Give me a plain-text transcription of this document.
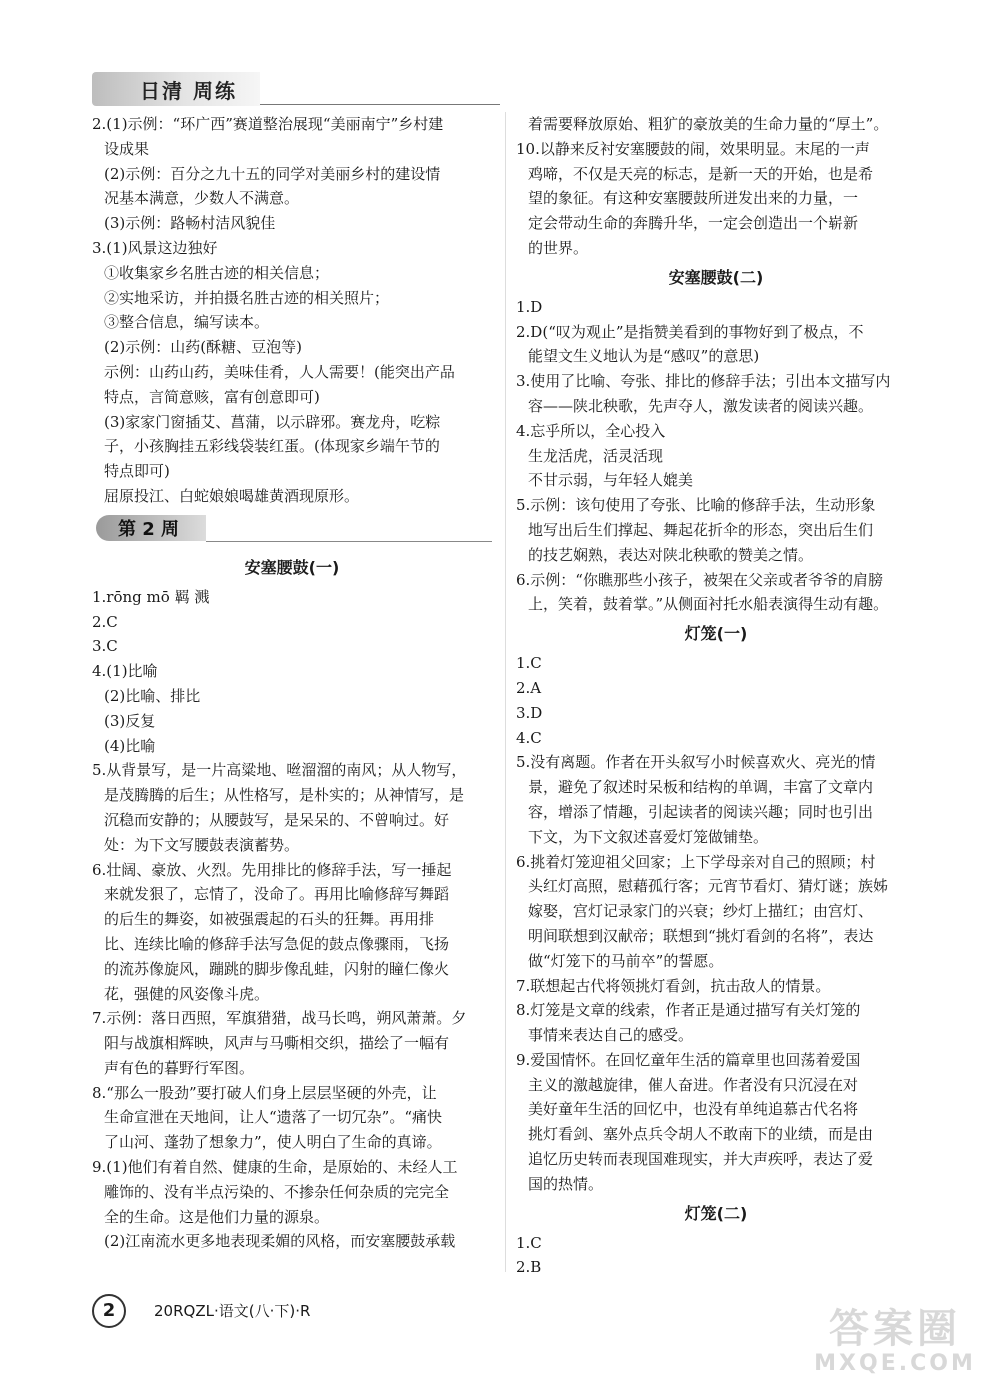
日清 周练
2.(1)示例：“环广西”赛道整治展现“美丽南宁”乡村建
设成果
(2)示例：百分之九十五的同学对美丽乡村的建设情
况基本满意，少数人不满意。
(3)示例：路畅村洁风貌佳
3.(1)风景这边独好
①收集家乡名胜古迹的相关信息；
②实地采访，并拍摄名胜古迹的相关照片；
③整合信息，编写读本。
(2)示例：山药(酥糖、豆泡等)
示例：山药山药，美味佳肴，人人需要！(能突出产品
特点，言简意赅，富有创意即可)
(3)家家门窗插艾、菖蒲，以示辟邪。赛龙舟，吃粽
子，小孩胸挂五彩线袋装红蛋。(体现家乡端午节的
特点即可)
屈原投江、白蛇娘娘喝雄黄酒现原形。
第 2 周
安塞腰鼓(一)
1.rōng mō 羁 溅
2.C
3.C
4.(1)比喻
(2)比喻、排比
(3)反复
(4)比喻
5.从背景写，是一片高粱地、咝溜溜的南风；从人物写，
是茂腾腾的后生；从性格写，是朴实的；从神情写，是
沉稳而安静的；从腰鼓写，是呆呆的、不曾响过。好
处：为下文写腰鼓表演蓄势。
6.壮阔、豪放、火烈。先用排比的修辞手法，写一捶起
来就发狠了，忘情了，没命了。再用比喻修辞写舞蹈
的后生的舞姿，如被强震起的石头的狂舞。再用排
比、连续比喻的修辞手法写急促的鼓点像骤雨，飞扬
的流苏像旋风，蹦跳的脚步像乱蛙，闪射的瞳仁像火
花，强健的风姿像斗虎。
7.示例：落日西照，军旗猎猎，战马长鸣，朔风萧萧。夕
阳与战旗相辉映，风声与马嘶相交织，描绘了一幅有
声有色的暮野行军图。
8.“那么一股劲”要打破人们身上层层坚硬的外壳，让
生命宣泄在天地间，让人“遗落了一切冗杂”。“痛快
了山河、蓬勃了想象力”，使人明白了生命的真谛。
9.(1)他们有着自然、健康的生命，是原始的、未经人工
雕饰的、没有半点污染的、不掺杂任何杂质的完完全
全的生命。这是他们力量的源泉。
(2)江南流水更多地表现柔媚的风格，而安塞腰鼓承载
着需要释放原始、粗犷的豪放美的生命力量的“厚土”。
10.以静来反衬安塞腰鼓的闹，效果明显。末尾的一声
鸡啼，不仅是天亮的标志，是新一天的开始，也是希
望的象征。有这种安塞腰鼓所迸发出来的力量，一
定会带动生命的奔腾升华，一定会创造出一个崭新
的世界。
安塞腰鼓(二)
1.D
2.D(“叹为观止”是指赞美看到的事物好到了极点，不
能望文生义地认为是“感叹”的意思)
3.使用了比喻、夸张、排比的修辞手法；引出本文描写内
容——陕北秧歌，先声夺人，激发读者的阅读兴趣。
4.忘乎所以，全心投入
生龙活虎，活灵活现
不甘示弱，与年轻人媲美
5.示例：该句使用了夸张、比喻的修辞手法，生动形象
地写出后生们撑起、舞起花折伞的形态，突出后生们
的技艺娴熟，表达对陕北秧歌的赞美之情。
6.示例：“你瞧那些小孩子，被架在父亲或者爷爷的肩膀
上，笑着，鼓着掌。”从侧面衬托水船表演得生动有趣。
灯笼(一)
1.C
2.A
3.D
4.C
5.没有离题。作者在开头叙写小时候喜欢火、亮光的情
景，避免了叙述时呆板和结构的单调，丰富了文章内
容，增添了情趣，引起读者的阅读兴趣；同时也引出
下文，为下文叙述喜爱灯笼做铺垫。
6.挑着灯笼迎祖父回家；上下学母亲对自己的照顾；村
头红灯高照，慰藉孤行客；元宵节看灯、猜灯谜；族姊
嫁娶，宫灯记录家门的兴衰；纱灯上描红；由宫灯、
明间联想到汉献帝；联想到“挑灯看剑的名将”，表达
做“灯笼下的马前卒”的誓愿。
7.联想起古代将领挑灯看剑，抗击敌人的情景。
8.灯笼是文章的线索，作者正是通过描写有关灯笼的
事情来表达自己的感受。
9.爱国情怀。在回忆童年生活的篇章里也回荡着爱国
主义的激越旋律，催人奋进。作者没有只沉浸在对
美好童年生活的回忆中，也没有单纯追慕古代名将
挑灯看剑、塞外点兵令胡人不敢南下的业绩，而是由
追忆历史转而表现国难现实，并大声疾呼，表达了爱
国的热情。
灯笼(二)
1.C
2.B
2	20RQZL·语文(八·下)·R	答案圈
MXQE.COM
